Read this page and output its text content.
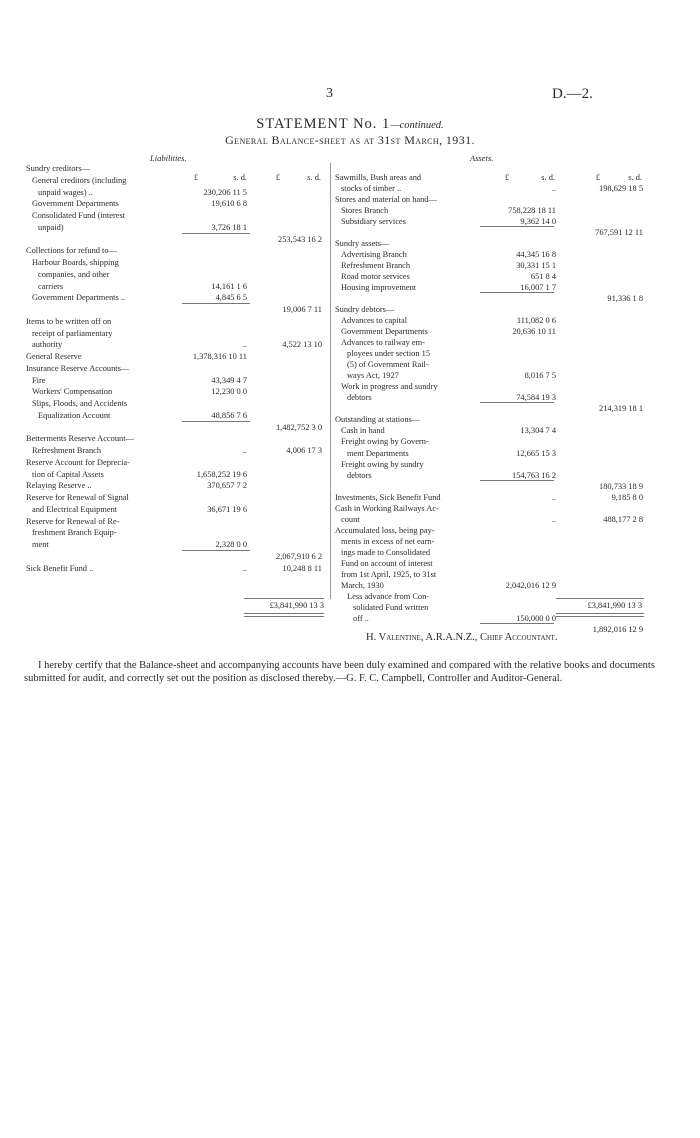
3	D.—2.
STATEMENT No. 1—continued.
General Balance-sheet as at 31st March, 1931.
Liabilities.	Assets.
£	s. d.	£	s. d.	£	s. d.	£	s. d.
Sundry creditors—
General creditors (including
unpaid wages) ..	230,206 11 5
Government Departments	19,610 6 8
Consolidated Fund (interest
unpaid)	3,726 18 1
253,543 16 2
Collections for refund to—
Harbour Boards, shipping
companies, and other
carriers	14,161 1 6
Government Departments ..	4,845 6 5
19,006 7 11
Items to be written off on
receipt of parliamentary
authority	..	4,522 13 10
General Reserve	1,378,316 10 11
Insurance Reserve Accounts—
Fire	43,349 4 7
Workers' Compensation	12,230 0 0
Slips, Floods, and Accidents
Equalization Account	48,856 7 6
1,482,752 3 0
Betterments Reserve Account—
Refreshment Branch	..	4,006 17 3
Reserve Account for Deprecia-
tion of Capital Assets	1,658,252 19 6
Relaying Reserve ..	370,657 7 2
Reserve for Renewal of Signal
and Electrical Equipment	36,671 19 6
Reserve for Renewal of Re-
freshment Branch Equip-
ment	2,328 0 0
2,067,910 6 2
Sick Benefit Fund ..	..	10,248 8 11
Sawmills, Bush areas and
stocks of timber ..	..	198,629 18 5
Stores and material on hand—
Stores Branch	758,228 18 11
Subsidiary services	9,362 14 0
767,591 12 11
Sundry assets—
Advertising Branch	44,345 16 8
Refreshment Branch	30,331 15 1
Road motor services	651 8 4
Housing improvement	16,007 1 7
91,336 1 8
Sundry debtors—
Advances to capital	111,082 0 6
Government Departments	20,636 10 11
Advances to railway em-
ployees under section 15
(5) of Government Rail-
ways Act, 1927	8,016 7 5
Work in progress and sundry
debtors	74,584 19 3
214,319 18 1
Outstanding at stations—
Cash in hand	13,304 7 4
Freight owing by Govern-
ment Departments	12,665 15 3
Freight owing by sundry
debtors	154,763 16 2
180,733 18 9
Investments, Sick Benefit Fund	..	9,185 8 0
Cash in Working Railways Ac-
count	..	488,177 2 8
Accumulated loss, being pay-
ments in excess of net earn-
ings made to Consolidated
Fund on account of interest
from 1st April, 1925, to 31st
March, 1930	2,042,016 12 9
Less advance from Con-
solidated Fund written
off ..	150,000 0 0
1,892,016 12 9
£3,841,990 13 3	£3,841,990 13 3
H. Valentine, A.R.A.N.Z., Chief Accountant.
I hereby certify that the Balance-sheet and accompanying accounts have been duly examined and compared with the relative books and documents submitted for audit, and correctly set out the position as disclosed thereby.—G. F. C. Campbell, Controller and Auditor-General.
